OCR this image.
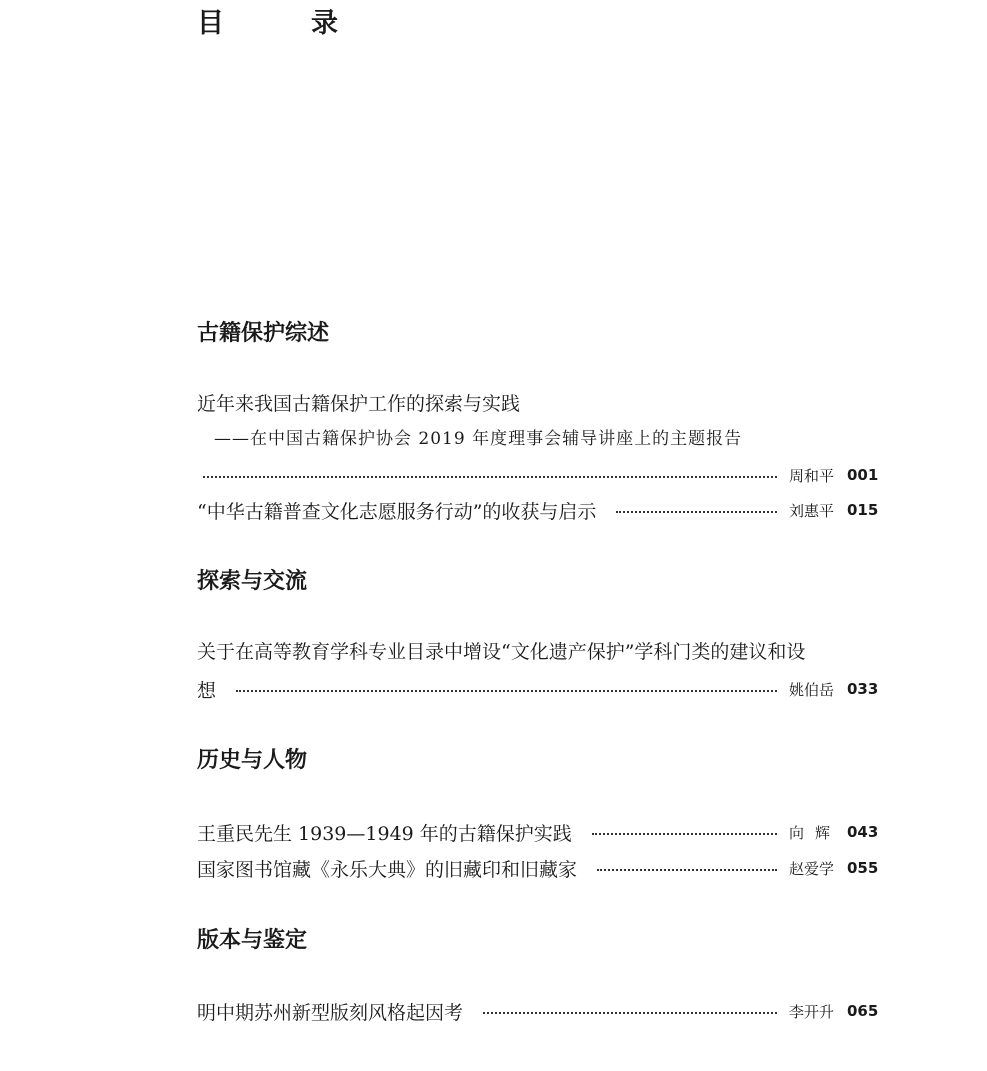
目　录
古籍保护综述
近年来我国古籍保护工作的探索与实践
——在中国古籍保护协会 2019 年度理事会辅导讲座上的主题报告
周和平 001
“中华古籍普查文化志愿服务行动”的收获与启示	刘惠平 015
探索与交流
关于在高等教育学科专业目录中增设“文化遗产保护”学科门类的建议和设
想	姚伯岳 033
历史与人物
王重民先生 1939—1949 年的古籍保护实践	向辉 043
国家图书馆藏《永乐大典》的旧藏印和旧藏家	赵爱学 055
版本与鉴定
明中期苏州新型版刻风格起因考	李开升 065
